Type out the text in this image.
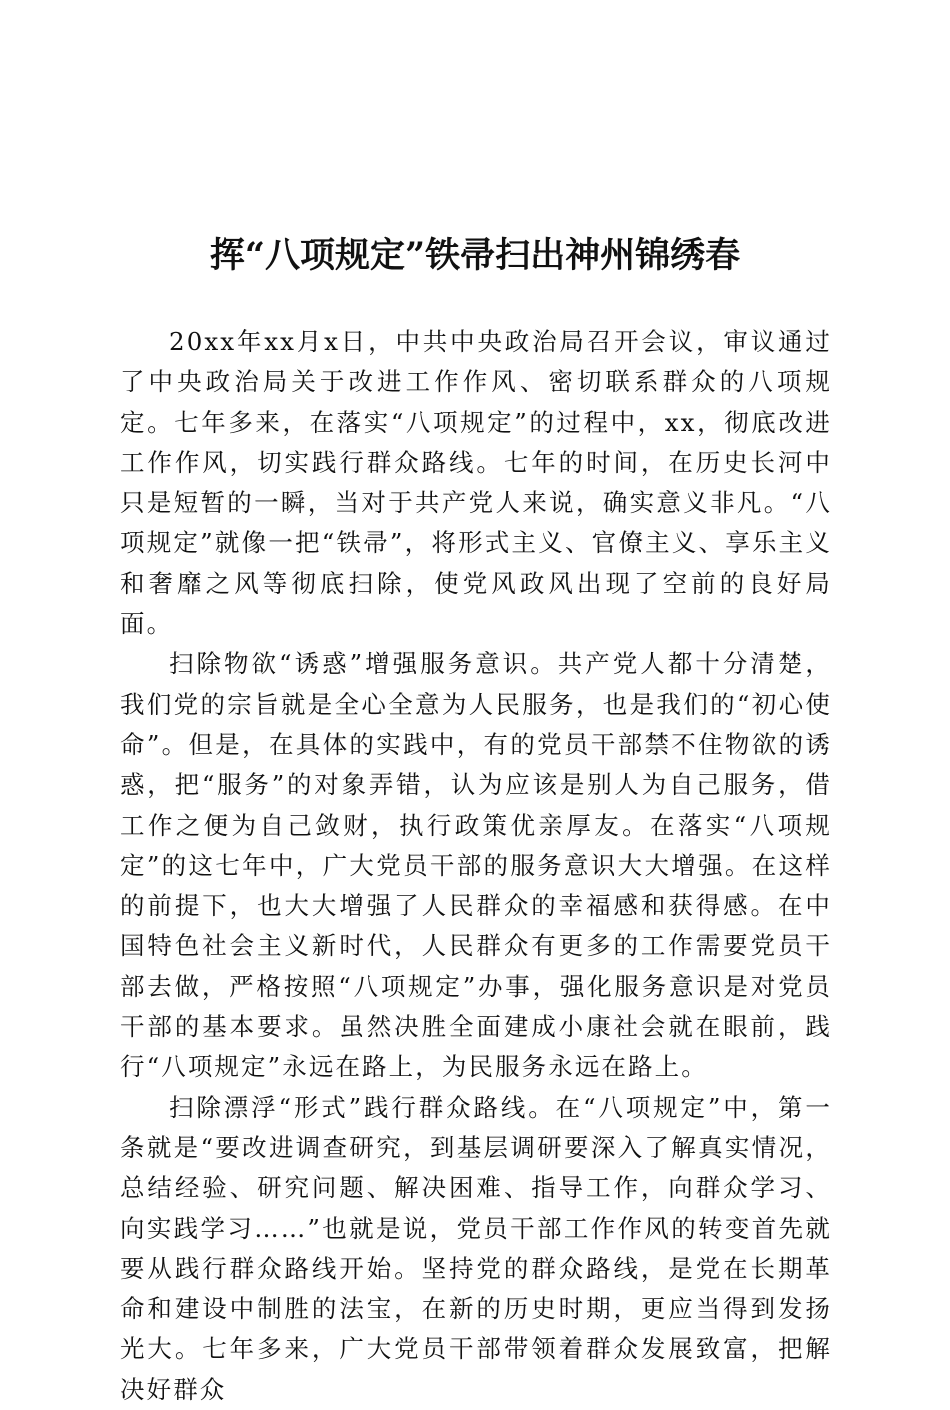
挥“八项规定”铁帚扫出神州锦绣春

20xx年xx月x日，中共中央政治局召开会议，审议通过了中央政治局关于改进工作作风、密切联系群众的八项规定。七年多来，在落实“八项规定”的过程中，xx，彻底改进工作作风，切实践行群众路线。七年的时间，在历史长河中只是短暂的一瞬，当对于共产党人来说，确实意义非凡。“八项规定”就像一把“铁帚”，将形式主义、官僚主义、享乐主义和奢靡之风等彻底扫除，使党风政风出现了空前的良好局面。

扫除物欲“诱惑”增强服务意识。共产党人都十分清楚，我们党的宗旨就是全心全意为人民服务，也是我们的“初心使命”。但是，在具体的实践中，有的党员干部禁不住物欲的诱惑，把“服务”的对象弄错，认为应该是别人为自己服务，借工作之便为自己敛财，执行政策优亲厚友。在落实“八项规定”的这七年中，广大党员干部的服务意识大大增强。在这样的前提下，也大大增强了人民群众的幸福感和获得感。在中国特色社会主义新时代，人民群众有更多的工作需要党员干部去做，严格按照“八项规定”办事，强化服务意识是对党员干部的基本要求。虽然决胜全面建成小康社会就在眼前，践行“八项规定”永远在路上，为民服务永远在路上。

扫除漂浮“形式”践行群众路线。在“八项规定”中，第一条就是“要改进调查研究，到基层调研要深入了解真实情况，总结经验、研究问题、解决困难、指导工作，向群众学习、向实践学习……”也就是说，党员干部工作作风的转变首先就要从践行群众路线开始。坚持党的群众路线，是党在长期革命和建设中制胜的法宝，在新的历史时期，更应当得到发扬光大。七年多来，广大党员干部带领着群众发展致富，把解决好群众
